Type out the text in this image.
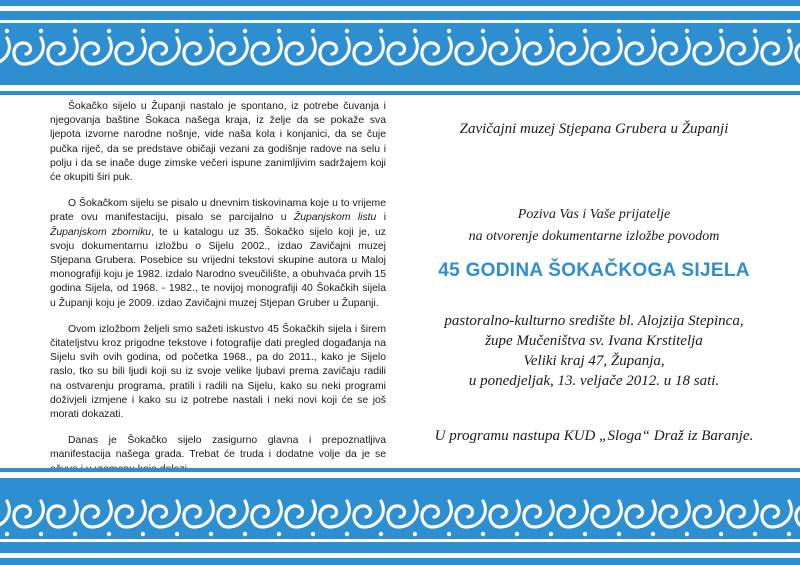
Šokačko sijelo u Županji nastalo je spontano, iz potrebe čuvanja i njegovanja baštine Šokaca našega kraja, iz želje da se pokaže sva ljepota izvorne narodne nošnje, vide naša kola i konjanici, da se čuje pučka riječ, da se predstave običaji vezani za godišnje radove na selu i polju i da se inače duge zimske večeri ispune zanimljivim sadržajem koji će okupiti širi puk.

O Šokačkom sijelu se pisalo u dnevnim tiskovinama koje u to vrijeme prate ovu manifestaciju, pisalo se parcijalno u Županjskom listu i Županjskom zborniku, te u katalogu uz 35. Šokačko sijelo koji je, uz svoju dokumentarnu izložbu o Sijelu 2002., izdao Zavičajni muzej Stjepana Grubera. Posebice su vrijedni tekstovi skupine autora u Maloj monografiji koju je 1982. izdalo Narodno sveučilište, a obuhvaća prvih 15 godina Sijela, od 1968. - 1982., te novijoj monografiji 40 Šokačkih sijela u Županji koju je 2009. izdao Zavičajni muzej Stjepan Gruber u Županji.

Ovom izložbom željeli smo sažeti iskustvo 45 Šokačkih sijela i širem čitateljstvu kroz prigodne tekstove i fotografije dati pregled događanja na Sijelu svih ovih godina, od početka 1968., pa do 2011., kako je Sijelo raslo, tko su bili ljudi koji su iz svoje velike ljubavi prema zavičaju radili na ostvarenju programa, pratili i radili na Sijelu, kako su neki programi doživjeli izmjene i kako su iz potrebe nastali i neki novi koji će se još morati dokazati.

Danas je Šokačko sijelo zasigurno glavna i prepoznatljiva manifestacija našega grada. Trebat će truda i dodatne volje da je se

Zavičajni muzej Stjepana Grubera u Županji
Poziva Vas i Vaše prijatelje
na otvorenje dokumentarne izložbe povodom
45 GODINA ŠOKAČKOGA SIJELA
pastoralno-kulturno središte bl. Alojzija Stepinca,
župe Mučeništva sv. Ivana Krstitelja
Veliki kraj 47, Županja,
u ponedjeljak, 13. veljače 2012. u 18 sati.
U programu nastupa KUD „Sloga“ Draž iz Baranje.
